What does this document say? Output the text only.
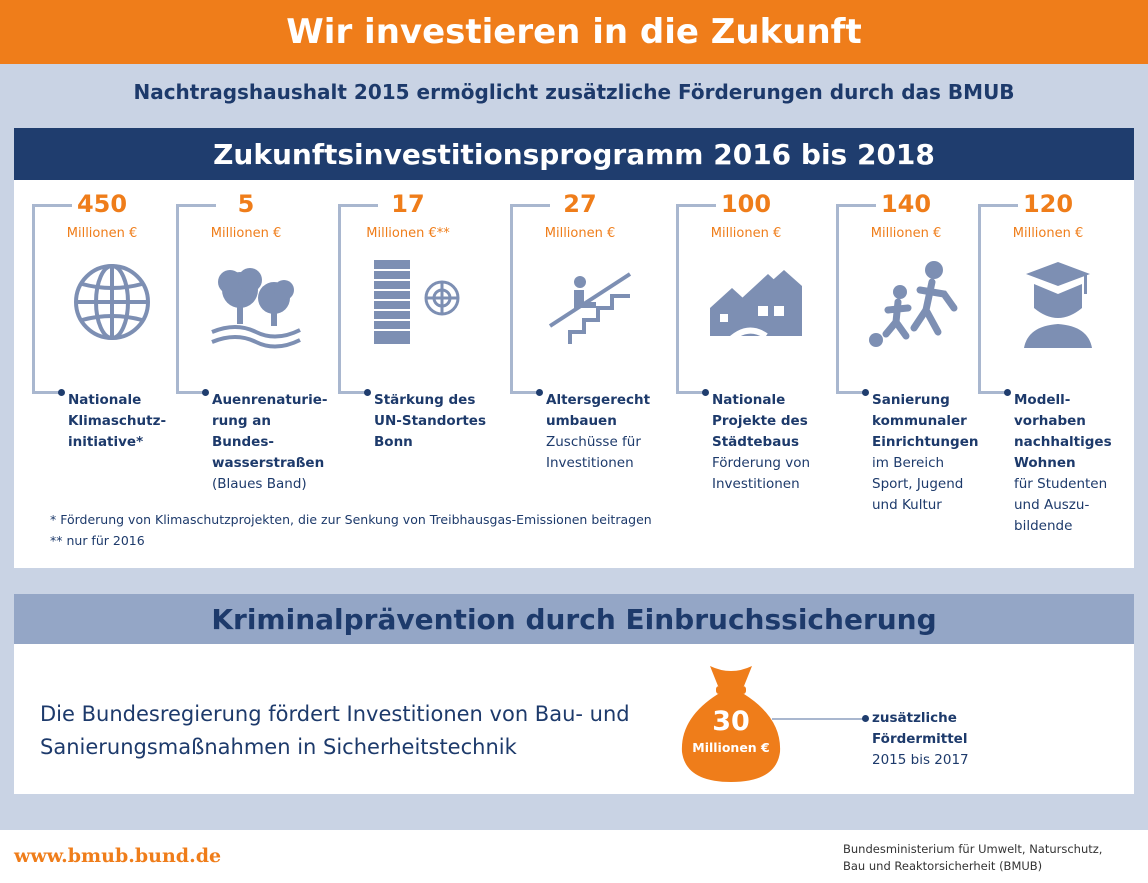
Wir investieren in die Zukunft
Nachtragshaushalt 2015 ermöglicht zusätzliche Förderungen durch das BMUB
Zukunftsinvestitionsprogramm 2016 bis 2018
450
Millionen €
Nationale
Klimaschutz-
initiative*
5
Millionen €
Auenrenaturie-
rung an Bundes-
wasserstraßen
(Blaues Band)
17
Millionen €**
Stärkung des
UN-Standortes
Bonn
27
Millionen €
Altersgerecht
umbauen
Zuschüsse für
Investitionen
100
Millionen €
Nationale
Projekte des
Städtebaus
Förderung von
Investitionen
140
Millionen €
Sanierung
kommunaler
Einrichtungen
im Bereich
Sport, Jugend
und Kultur
120
Millionen €
Modell-
vorhaben
nachhaltiges
Wohnen
für Studenten
und Auszu-
bildende
* Förderung von Klimaschutzprojekten, die zur Senkung von Treibhausgas-Emissionen beitragen
** nur für 2016
Kriminalprävention durch Einbruchssicherung
Die Bundesregierung fördert Investitionen von Bau- und
Sanierungsmaßnahmen in Sicherheitstechnik
30
Millionen €
zusätzliche
Fördermittel
2015 bis 2017
www.bmub.bund.de	Bundesministerium für Umwelt, Naturschutz,
Bau und Reaktorsicherheit (BMUB)
